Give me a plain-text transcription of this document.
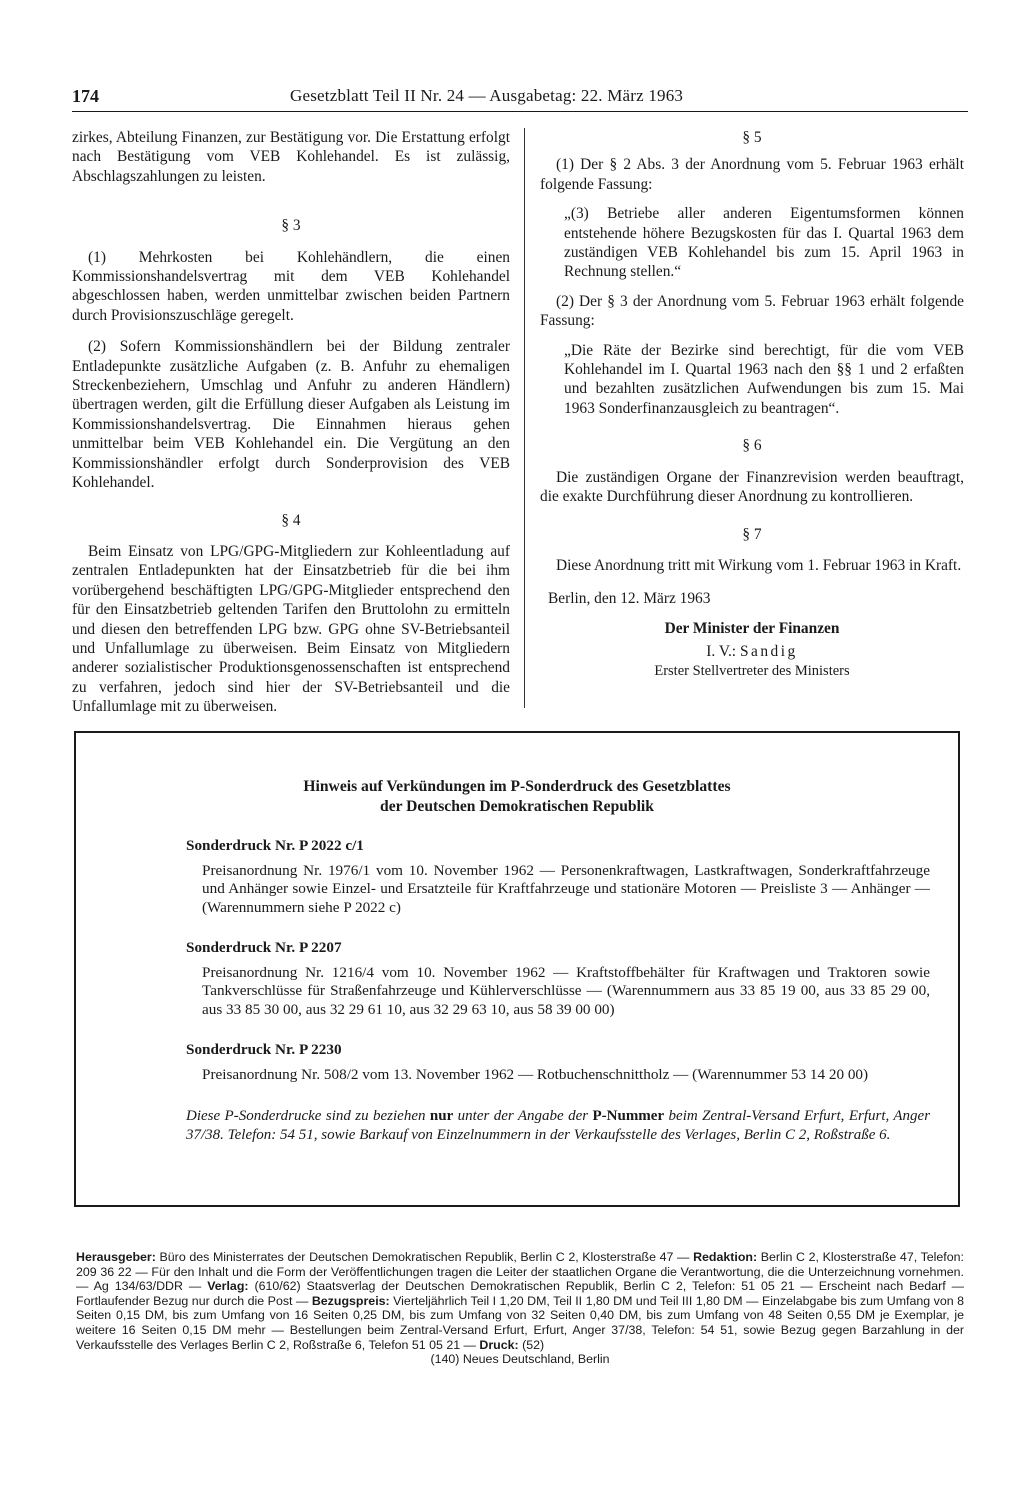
174	Gesetzblatt Teil II Nr. 24 — Ausgabetag: 22. März 1963

zirkes, Abteilung Finanzen, zur Bestätigung vor. Die Erstattung erfolgt nach Bestätigung vom VEB Kohlehandel. Es ist zulässig, Abschlagszahlungen zu leisten.

§ 3

(1) Mehrkosten bei Kohlehändlern, die einen Kommissionshandelsvertrag mit dem VEB Kohlehandel abgeschlossen haben, werden unmittelbar zwischen beiden Partnern durch Provisionszuschläge geregelt.

(2) Sofern Kommissionshändlern bei der Bildung zentraler Entladepunkte zusätzliche Aufgaben (z. B. Anfuhr zu ehemaligen Streckenbeziehern, Umschlag und Anfuhr zu anderen Händlern) übertragen werden, gilt die Erfüllung dieser Aufgaben als Leistung im Kommissionshandelsvertrag. Die Einnahmen hieraus gehen unmittelbar beim VEB Kohlehandel ein. Die Vergütung an den Kommissionshändler erfolgt durch Sonderprovision des VEB Kohlehandel.

§ 4

Beim Einsatz von LPG/GPG-Mitgliedern zur Kohleentladung auf zentralen Entladepunkten hat der Einsatzbetrieb für die bei ihm vorübergehend beschäftigten LPG/GPG-Mitglieder entsprechend den für den Einsatzbetrieb geltenden Tarifen den Bruttolohn zu ermitteln und diesen den betreffenden LPG bzw. GPG ohne SV-Betriebsanteil und Unfallumlage zu überweisen. Beim Einsatz von Mitgliedern anderer sozialistischer Produktionsgenossenschaften ist entsprechend zu verfahren, jedoch sind hier der SV-Betriebsanteil und die Unfallumlage mit zu überweisen.

§ 5

(1) Der § 2 Abs. 3 der Anordnung vom 5. Februar 1963 erhält folgende Fassung:

„(3) Betriebe aller anderen Eigentumsformen können entstehende höhere Bezugskosten für das I. Quartal 1963 dem zuständigen VEB Kohlehandel bis zum 15. April 1963 in Rechnung stellen.“

(2) Der § 3 der Anordnung vom 5. Februar 1963 erhält folgende Fassung:

„Die Räte der Bezirke sind berechtigt, für die vom VEB Kohlehandel im I. Quartal 1963 nach den §§ 1 und 2 erfaßten und bezahlten zusätzlichen Aufwendungen bis zum 15. Mai 1963 Sonderfinanzausgleich zu beantragen“.

§ 6

Die zuständigen Organe der Finanzrevision werden beauftragt, die exakte Durchführung dieser Anordnung zu kontrollieren.

§ 7

Diese Anordnung tritt mit Wirkung vom 1. Februar 1963 in Kraft.

Berlin, den 12. März 1963

Der Minister der Finanzen

I. V.: Sandig

Erster Stellvertreter des Ministers

Hinweis auf Verkündungen im P-Sonderdruck des Gesetzblattes
der Deutschen Demokratischen Republik
Sonderdruck Nr. P 2022 c/1
Preisanordnung Nr. 1976/1 vom 10. November 1962 — Personenkraftwagen, Lastkraftwagen, Sonderkraftfahrzeuge und Anhänger sowie Einzel- und Ersatzteile für Kraftfahrzeuge und stationäre Motoren — Preisliste 3 — Anhänger — (Warennummern siehe P 2022 c)
Sonderdruck Nr. P 2207
Preisanordnung Nr. 1216/4 vom 10. November 1962 — Kraftstoffbehälter für Kraftwagen und Traktoren sowie Tankverschlüsse für Straßenfahrzeuge und Kühlerverschlüsse — (Warennummern aus 33 85 19 00, aus 33 85 29 00, aus 33 85 30 00, aus 32 29 61 10, aus 32 29 63 10, aus 58 39 00 00)
Sonderdruck Nr. P 2230
Preisanordnung Nr. 508/2 vom 13. November 1962 — Rotbuchenschnittholz — (Warennummer 53 14 20 00)
Diese P-Sonderdrucke sind zu beziehen nur unter der Angabe der P-Nummer beim Zentral-Versand Erfurt, Erfurt, Anger 37/38. Telefon: 54 51, sowie Barkauf von Einzelnummern in der Verkaufsstelle des Verlages, Berlin C 2, Roßstraße 6.
Herausgeber: Büro des Ministerrates der Deutschen Demokratischen Republik, Berlin C 2, Klosterstraße 47 — Redaktion: Berlin C 2, Klosterstraße 47, Telefon: 209 36 22 — Für den Inhalt und die Form der Veröffentlichungen tragen die Leiter der staatlichen Organe die Verantwortung, die die Unterzeichnung vornehmen. — Ag 134/63/DDR — Verlag: (610/62) Staatsverlag der Deutschen Demokratischen Republik, Berlin C 2, Telefon: 51 05 21 — Erscheint nach Bedarf — Fortlaufender Bezug nur durch die Post — Bezugspreis: Vierteljährlich Teil I 1,20 DM, Teil II 1,80 DM und Teil III 1,80 DM — Einzelabgabe bis zum Umfang von 8 Seiten 0,15 DM, bis zum Umfang von 16 Seiten 0,25 DM, bis zum Umfang von 32 Seiten 0,40 DM, bis zum Umfang von 48 Seiten 0,55 DM je Exemplar, je weitere 16 Seiten 0,15 DM mehr — Bestellungen beim Zentral-Versand Erfurt, Erfurt, Anger 37/38, Telefon: 54 51, sowie Bezug gegen Barzahlung in der Verkaufsstelle des Verlages Berlin C 2, Roßstraße 6, Telefon 51 05 21 — Druck: (52)
(140) Neues Deutschland, Berlin
